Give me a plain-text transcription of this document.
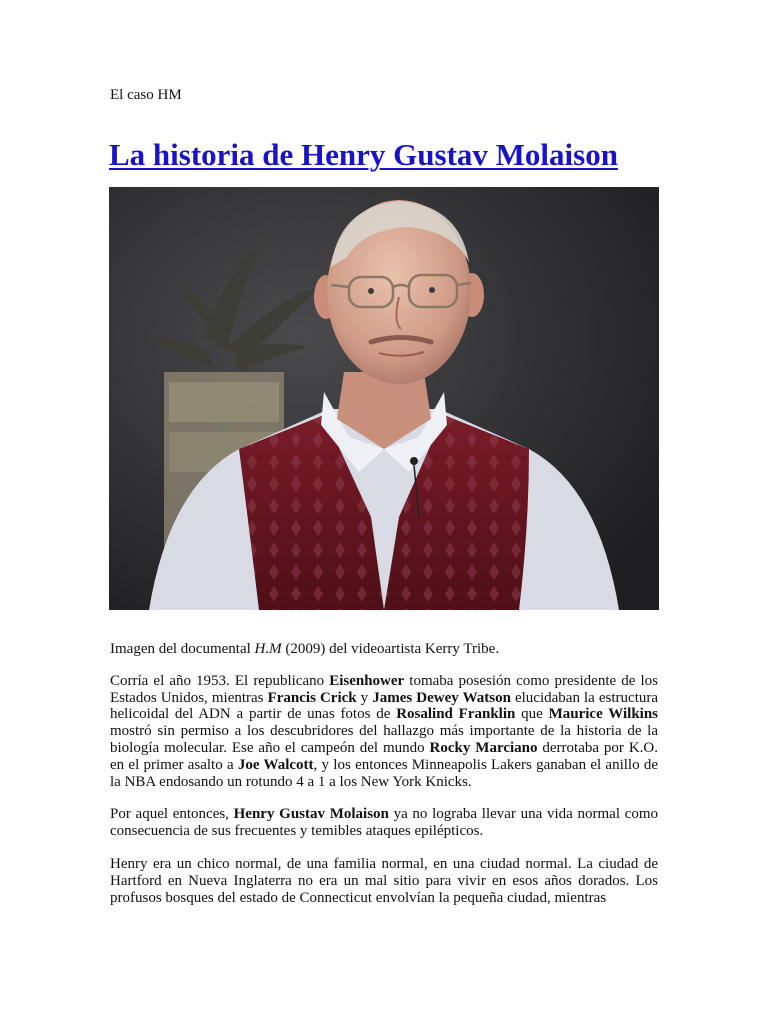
El caso HM
La historia de Henry Gustav Molaison

Imagen del documental H.M (2009) del videoartista Kerry Tribe.

Corría el año 1953. El republicano Eisenhower tomaba posesión como presidente de los Estados Unidos, mientras Francis Crick y James Dewey Watson elucidaban la estructura helicoidal del ADN a partir de unas fotos de Rosalind Franklin que Maurice Wilkins mostró sin permiso a los descubridores del hallazgo más importante de la historia de la biología molecular. Ese año el campeón del mundo Rocky Marciano derrotaba por K.O. en el primer asalto a Joe Walcott, y los entonces Minneapolis Lakers ganaban el anillo de la NBA endosando un rotundo 4 a 1 a los New York Knicks.

Por aquel entonces, Henry Gustav Molaison ya no lograba llevar una vida normal como consecuencia de sus frecuentes y temibles ataques epilépticos.

Henry era un chico normal, de una familia normal, en una ciudad normal. La ciudad de Hartford en Nueva Inglaterra no era un mal sitio para vivir en esos años dorados. Los profusos bosques del estado de Connecticut envolvían la pequeña ciudad, mientras
